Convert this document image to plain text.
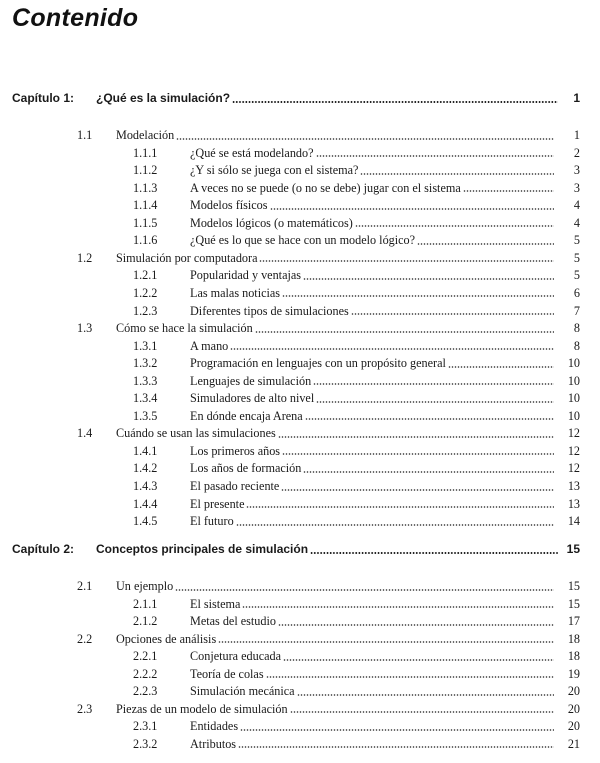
Contenido
Capítulo 1: ¿Qué es la simulación?	1
1.1 Modelación	1
1.1.1	¿Qué se está modelando?	2
1.1.2	¿Y si sólo se juega con el sistema?	3
1.1.3	A veces no se puede (o no se debe) jugar con el sistema	3
1.1.4	Modelos físicos	4
1.1.5	Modelos lógicos (o matemáticos)	4
1.1.6	¿Qué es lo que se hace con un modelo lógico?	5
1.2 Simulación por computadora	5
1.2.1	Popularidad y ventajas	5
1.2.2	Las malas noticias	6
1.2.3	Diferentes tipos de simulaciones	7
1.3 Cómo se hace la simulación	8
1.3.1	A mano	8
1.3.2	Programación en lenguajes con un propósito general	10
1.3.3	Lenguajes de simulación	10
1.3.4	Simuladores de alto nivel	10
1.3.5	En dónde encaja Arena	10
1.4 Cuándo se usan las simulaciones	12
1.4.1	Los primeros años	12
1.4.2	Los años de formación	12
1.4.3	El pasado reciente	13
1.4.4	El presente	13
1.4.5	El futuro	14
Capítulo 2: Conceptos principales de simulación	15
2.1 Un ejemplo	15
2.1.1	El sistema	15
2.1.2	Metas del estudio	17
2.2 Opciones de análisis	18
2.2.1	Conjetura educada	18
2.2.2	Teoría de colas	19
2.2.3	Simulación mecánica	20
2.3 Piezas de un modelo de simulación	20
2.3.1	Entidades	20
2.3.2	Atributos	21
